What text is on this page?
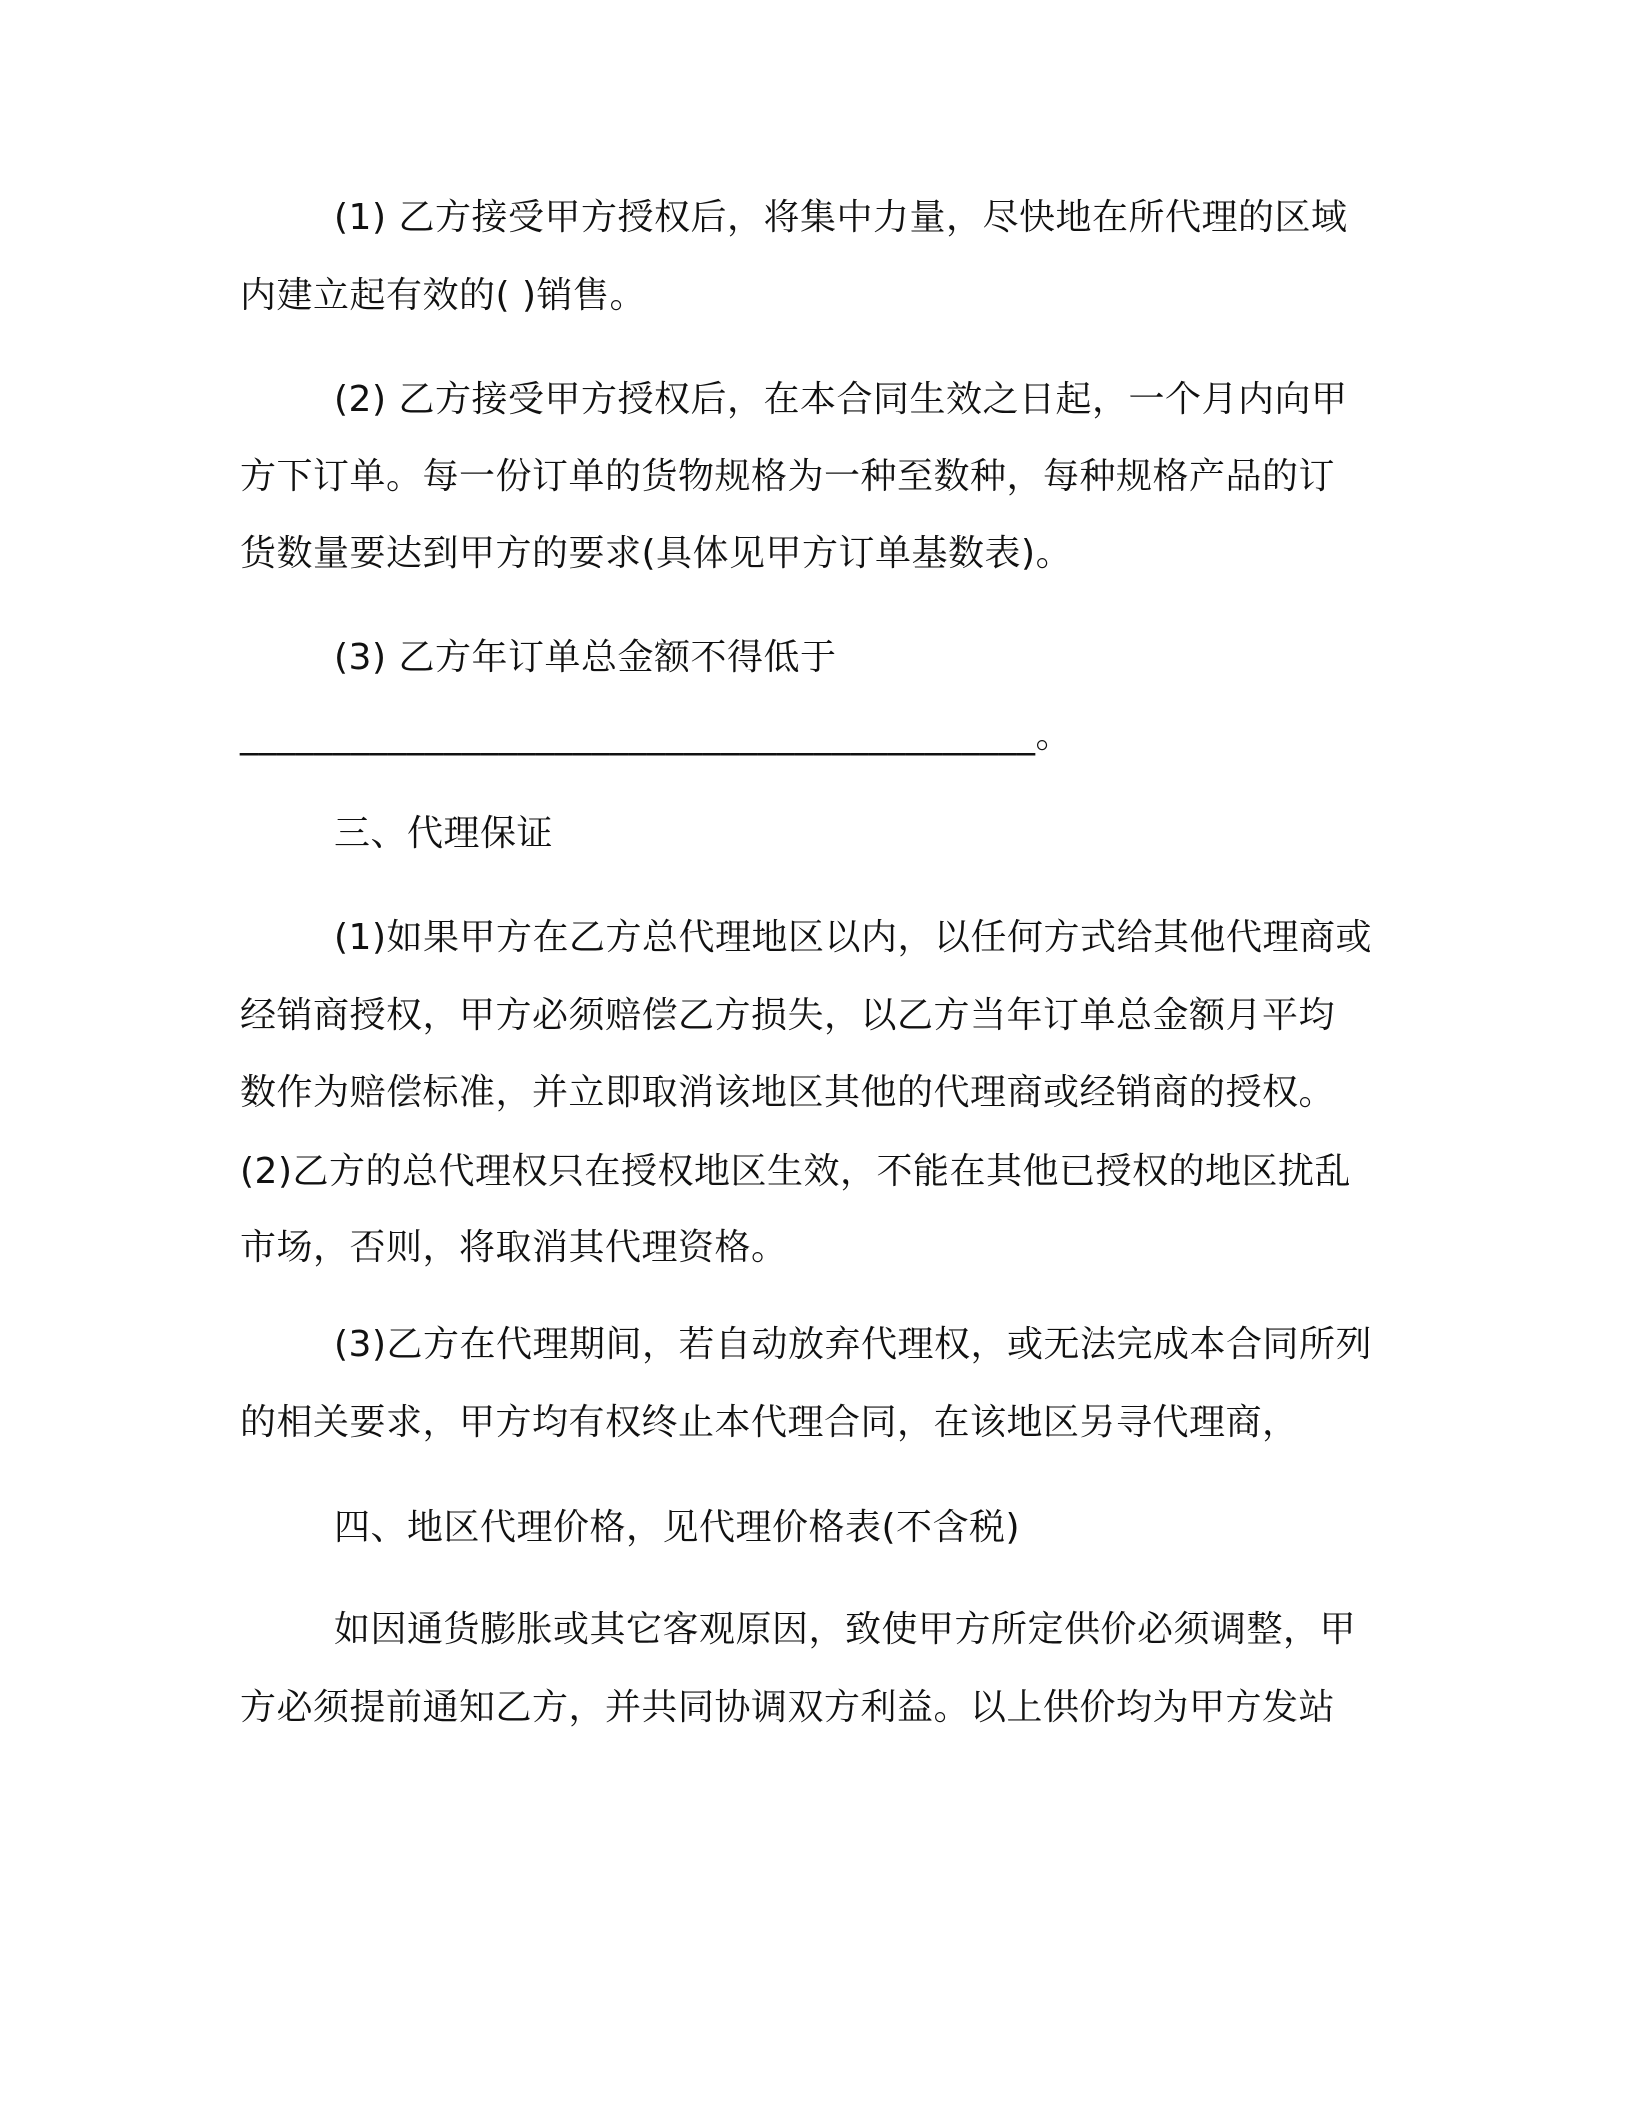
(1) 乙方接受甲方授权后，将集中力量，尽快地在所代理的区域

内建立起有效的( )销售。

(2) 乙方接受甲方授权后，在本合同生效之日起，一个月内向甲

方下订单。每一份订单的货物规格为一种至数种，每种规格产品的订

货数量要达到甲方的要求(具体见甲方订单基数表)。

(3) 乙方年订单总金额不得低于

___________________________________________。

三、代理保证

(1)如果甲方在乙方总代理地区以内，以任何方式给其他代理商或

经销商授权，甲方必须赔偿乙方损失，以乙方当年订单总金额月平均

数作为赔偿标准，并立即取消该地区其他的代理商或经销商的授权。

(2)乙方的总代理权只在授权地区生效，不能在其他已授权的地区扰乱

市场，否则，将取消其代理资格。

(3)乙方在代理期间，若自动放弃代理权，或无法完成本合同所列

的相关要求，甲方均有权终止本代理合同，在该地区另寻代理商，

四、地区代理价格，见代理价格表(不含税)

如因通货膨胀或其它客观原因，致使甲方所定供价必须调整，甲

方必须提前通知乙方，并共同协调双方利益。以上供价均为甲方发站
